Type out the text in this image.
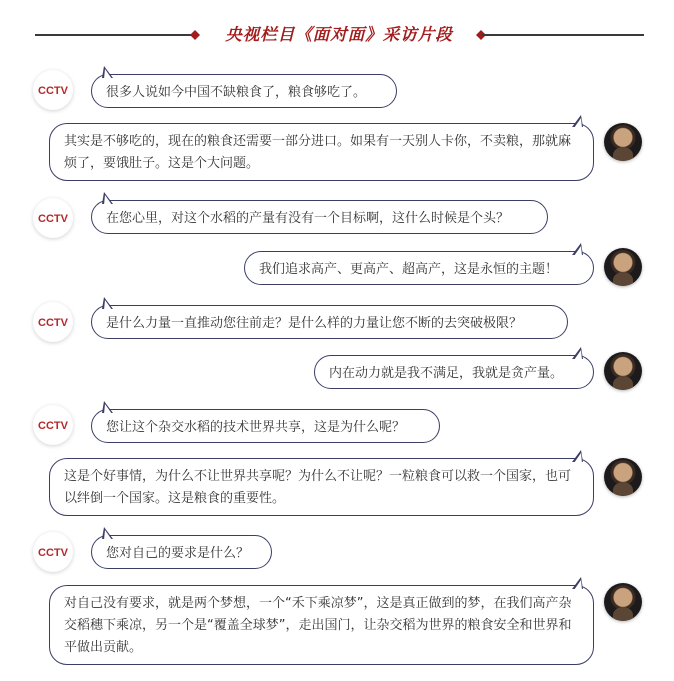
央视栏目《面对面》采访片段
CCTV	很多人说如今中国不缺粮食了，粮食够吃了。
其实是不够吃的，现在的粮食还需要一部分进口。如果有一天别人卡你，不卖粮，那就麻烦了，要饿肚子。这是个大问题。
CCTV	在您心里，对这个水稻的产量有没有一个目标啊，这什么时候是个头？
我们追求高产、更高产、超高产，这是永恒的主题！
CCTV	是什么力量一直推动您往前走？是什么样的力量让您不断的去突破极限？
内在动力就是我不满足，我就是贪产量。
CCTV	您让这个杂交水稻的技术世界共享，这是为什么呢？
这是个好事情，为什么不让世界共享呢？为什么不让呢？一粒粮食可以救一个国家，也可以绊倒一个国家。这是粮食的重要性。
CCTV	您对自己的要求是什么？
对自己没有要求，就是两个梦想，一个“禾下乘凉梦”，这是真正做到的梦，在我们高产杂交稻穗下乘凉，另一个是“覆盖全球梦”，走出国门，让杂交稻为世界的粮食安全和世界和平做出贡献。
